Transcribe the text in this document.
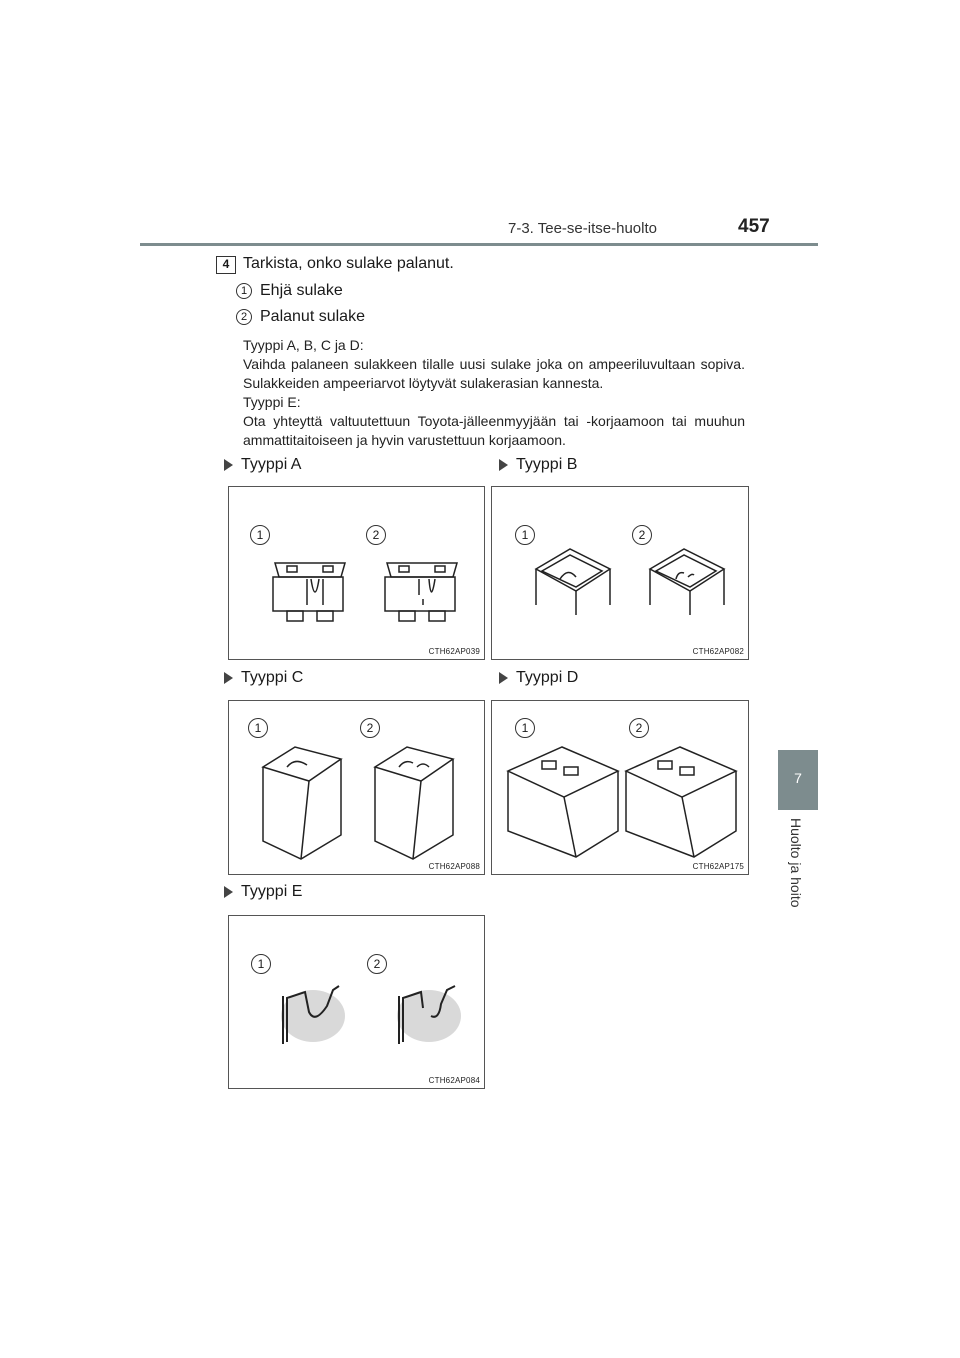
7-3. Tee-se-itse-huolto	457
7
Huolto ja hoito
4 Tarkista, onko sulake palanut.
1 Ehjä sulake
2 Palanut sulake
Tyyppi A, B, C ja D:
Vaihda palaneen sulakkeen tilalle uusi sulake joka on ampeeriluvultaan sopiva. Sulakkeiden ampeeriarvot löytyvät sulakerasian kannesta.
Tyyppi E:
Ota yhteyttä valtuutettuun Toyota-jälleenmyyjään tai -korjaamoon tai muuhun ammattitaitoiseen ja hyvin varustettuun korjaamoon.
Tyyppi A	Tyyppi B
Tyyppi C	Tyyppi D
Tyyppi E
1	2
CTH62AP039
1	2
CTH62AP082
1	2
CTH62AP088
1	2
CTH62AP175
1	2
CTH62AP084
